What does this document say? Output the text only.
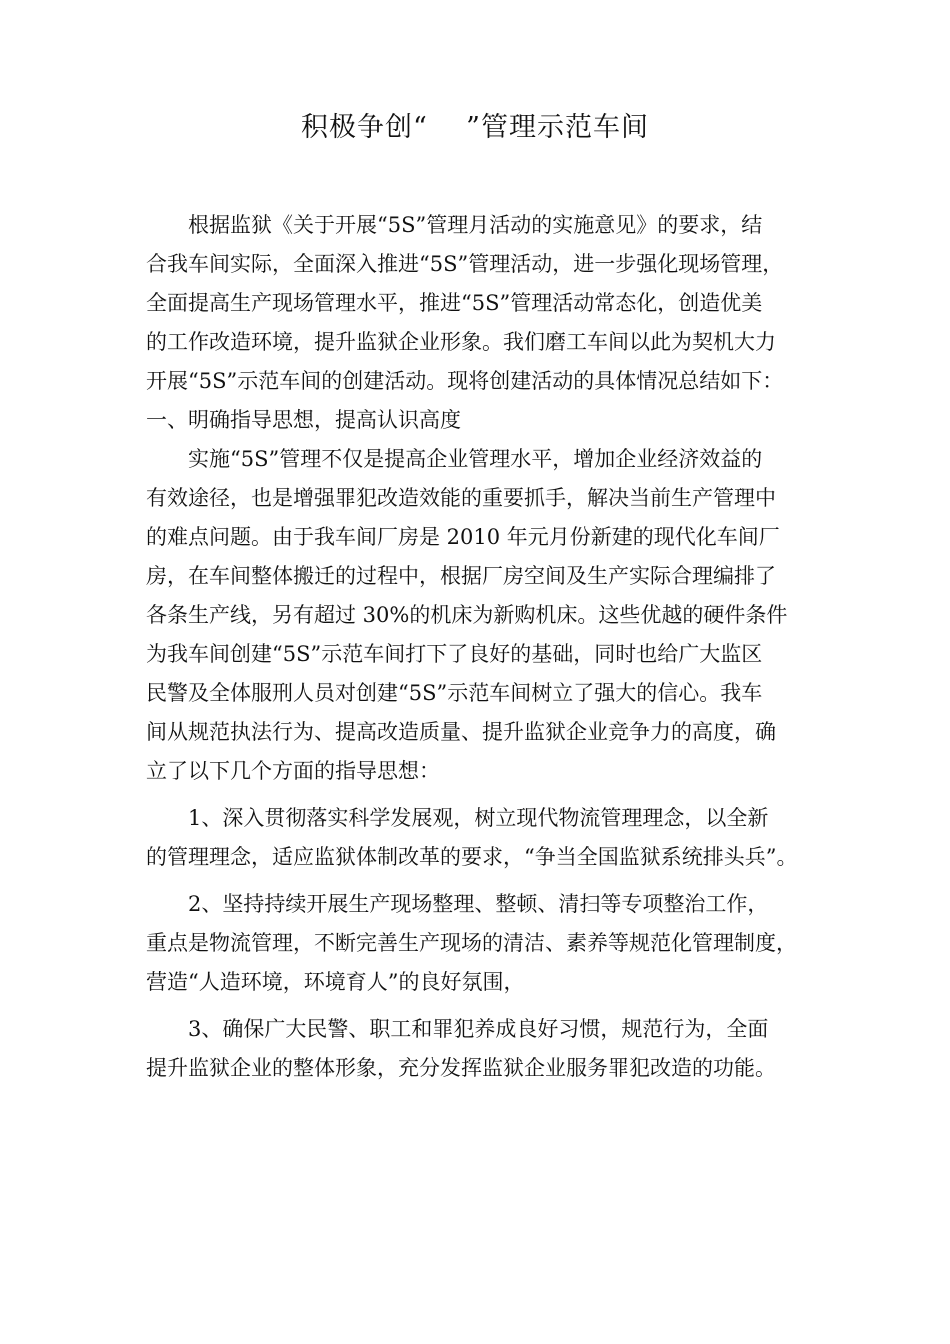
积极争创“    ”管理示范车间
根据监狱《关于开展“5S”管理月活动的实施意见》的要求，结
合我车间实际，全面深入推进“5S”管理活动，进一步强化现场管理，
全面提高生产现场管理水平，推进“5S”管理活动常态化，创造优美
的工作改造环境，提升监狱企业形象。我们磨工车间以此为契机大力
开展“5S”示范车间的创建活动。现将创建活动的具体情况总结如下：
一、明确指导思想，提高认识高度
实施“5S”管理不仅是提高企业管理水平，增加企业经济效益的
有效途径，也是增强罪犯改造效能的重要抓手，解决当前生产管理中
的难点问题。由于我车间厂房是 2010 年元月份新建的现代化车间厂
房，在车间整体搬迁的过程中，根据厂房空间及生产实际合理编排了
各条生产线，另有超过 30%的机床为新购机床。这些优越的硬件条件
为我车间创建“5S”示范车间打下了良好的基础，同时也给广大监区
民警及全体服刑人员对创建“5S”示范车间树立了强大的信心。我车
间从规范执法行为、提高改造质量、提升监狱企业竞争力的高度，确
立了以下几个方面的指导思想：
1、深入贯彻落实科学发展观，树立现代物流管理理念，以全新
的管理理念，适应监狱体制改革的要求，“争当全国监狱系统排头兵”。
2、坚持持续开展生产现场整理、整顿、清扫等专项整治工作，
重点是物流管理，不断完善生产现场的清洁、素养等规范化管理制度，
营造“人造环境，环境育人”的良好氛围，
3、确保广大民警、职工和罪犯养成良好习惯，规范行为，全面
提升监狱企业的整体形象，充分发挥监狱企业服务罪犯改造的功能。
